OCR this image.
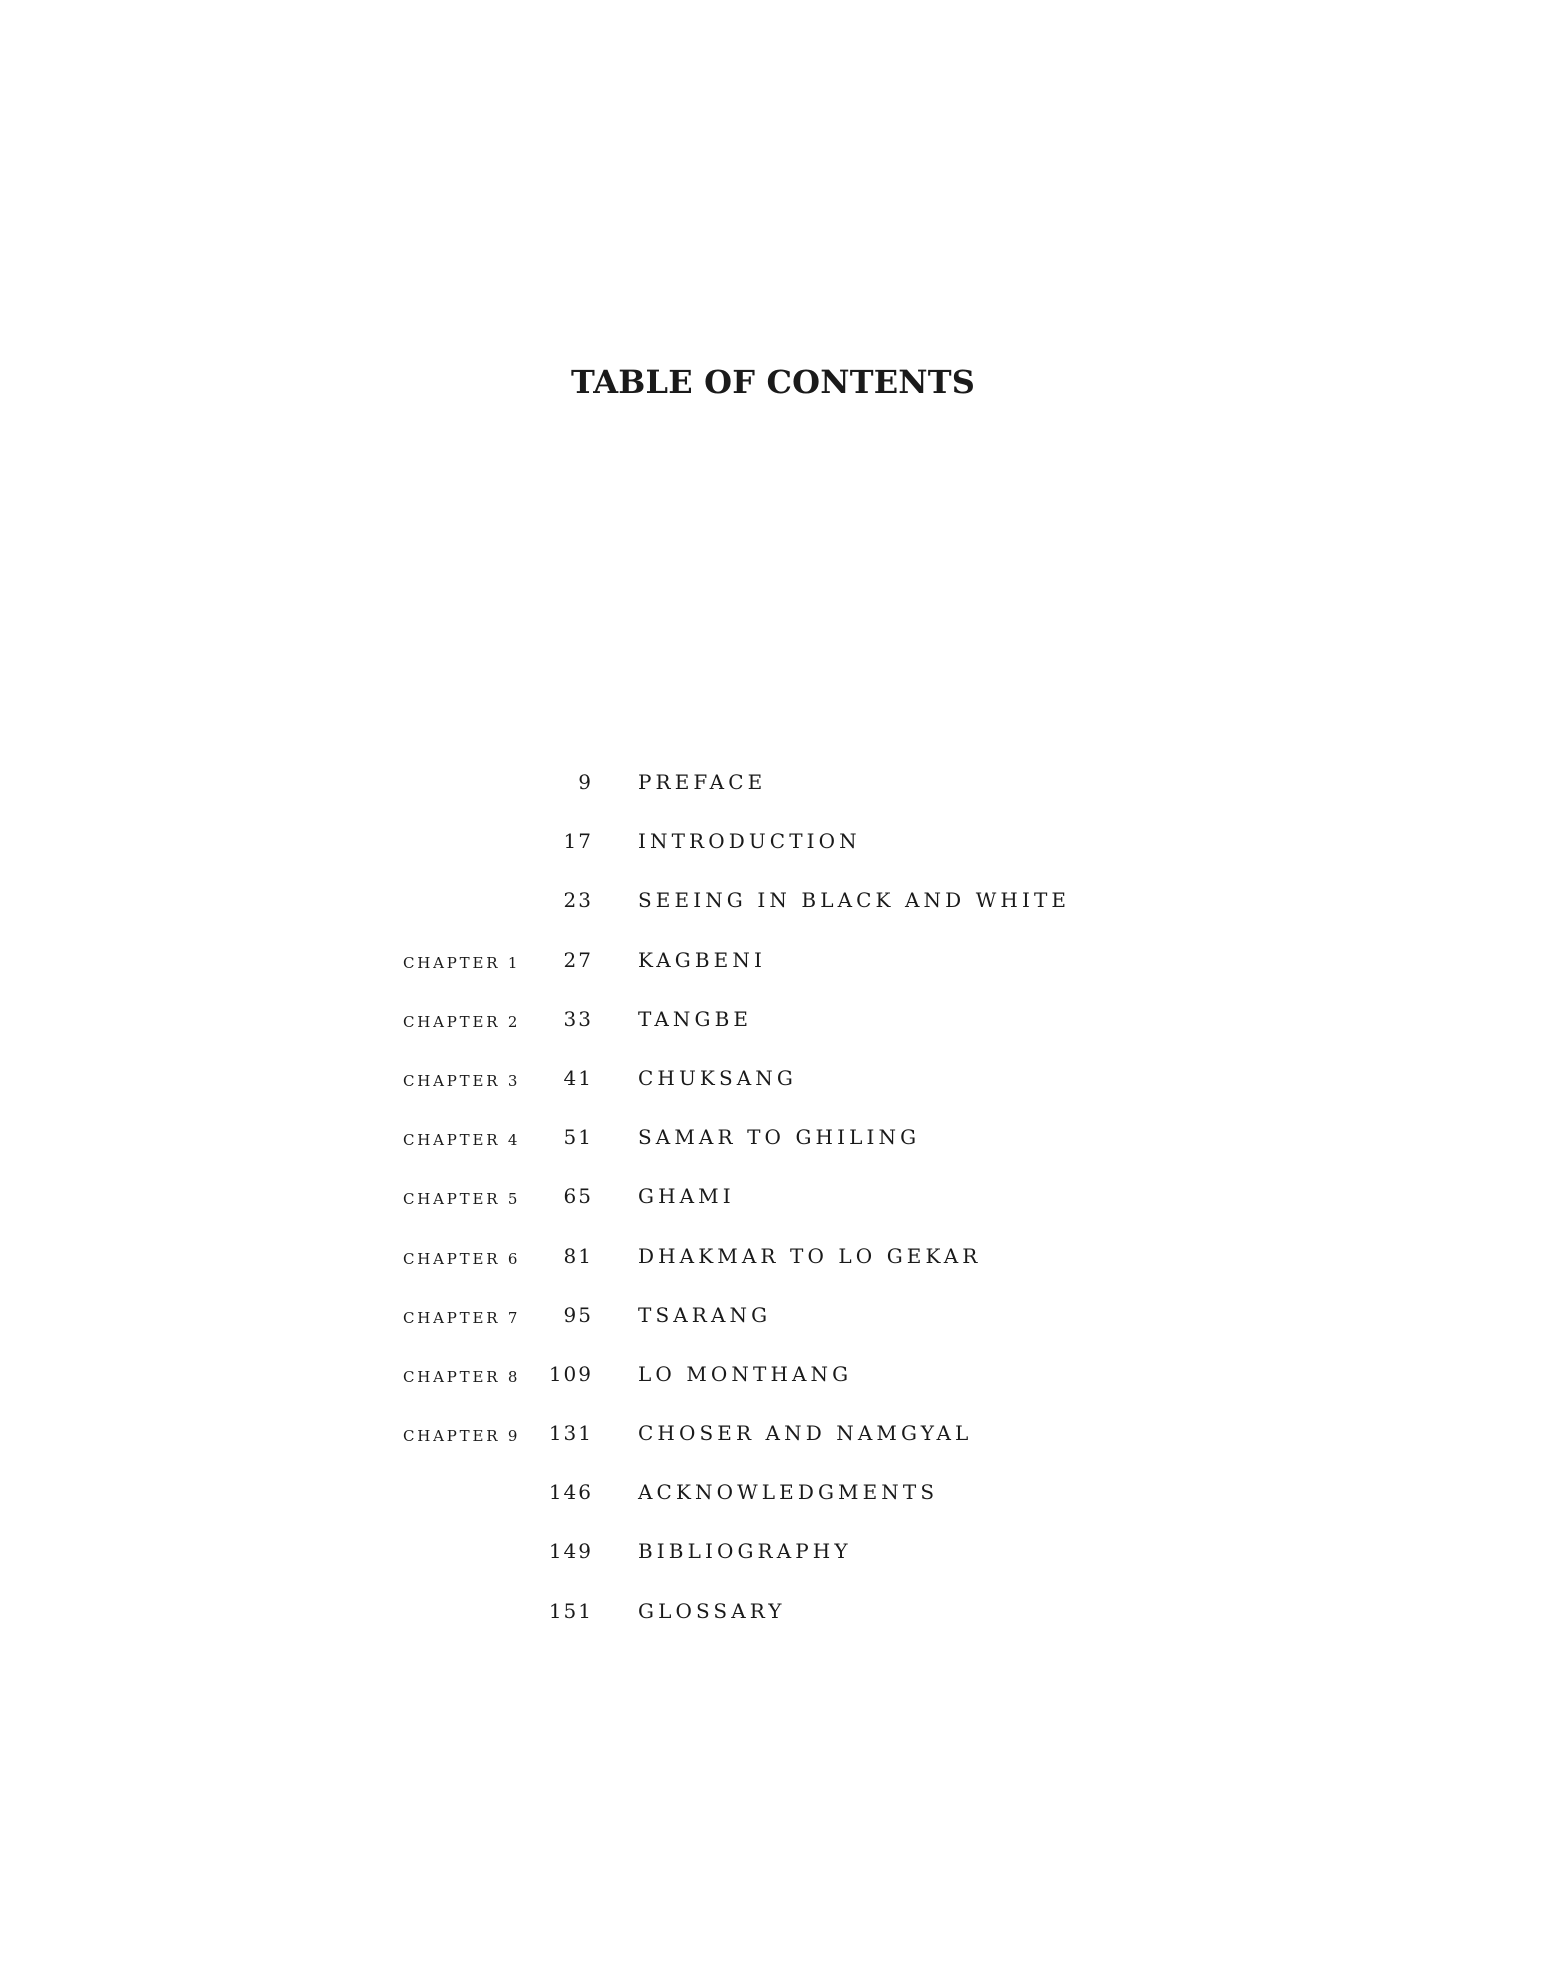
TABLE OF CONTENTS
9 PREFACE
17 INTRODUCTION
23 SEEING IN BLACK AND WHITE
CHAPTER 1 27 KAGBENI
CHAPTER 2 33 TANGBE
CHAPTER 3 41 CHUKSANG
CHAPTER 4 51 SAMAR TO GHILING
CHAPTER 5 65 GHAMI
CHAPTER 6 81 DHAKMAR TO LO GEKAR
CHAPTER 7 95 TSARANG
CHAPTER 8 109 LO MONTHANG
CHAPTER 9 131 CHOSER AND NAMGYAL
146 ACKNOWLEDGMENTS
149 BIBLIOGRAPHY
151 GLOSSARY
